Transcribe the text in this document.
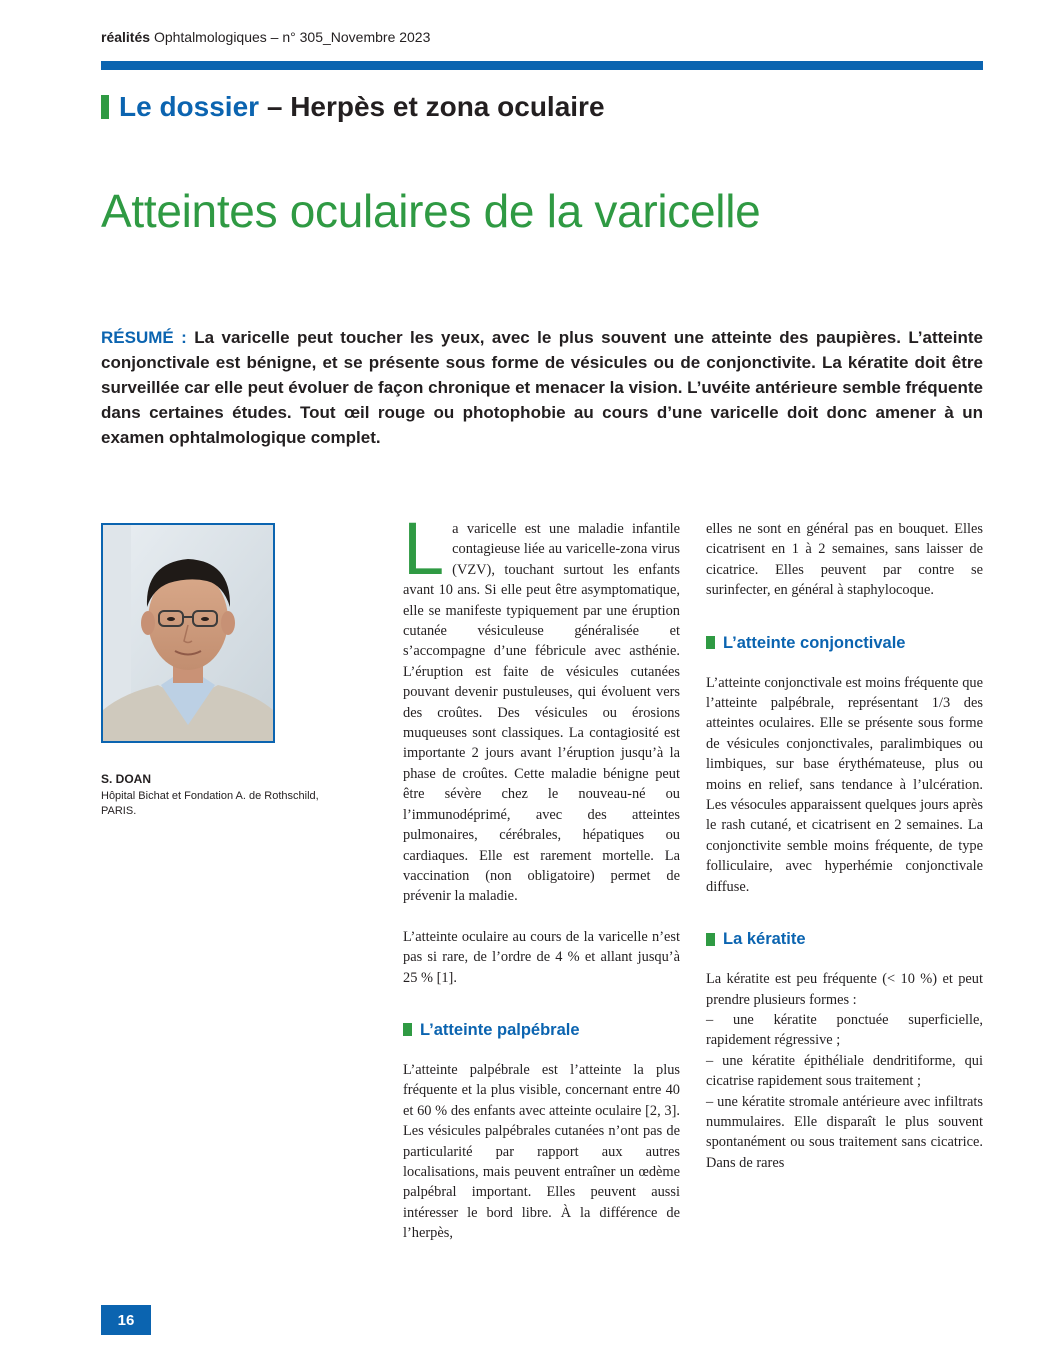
réalités Ophtalmologiques – n° 305_Novembre 2023
Le dossier
– Herpès et zona oculaire
Atteintes oculaires de la varicelle
RÉSUMÉ : La varicelle peut toucher les yeux, avec le plus souvent une atteinte des paupières. L’atteinte conjonctivale est bénigne, et se présente sous forme de vésicules ou de conjonctivite. La kératite doit être surveillée car elle peut évoluer de façon chronique et menacer la vision. L’uvéite antérieure semble fréquente dans certaines études. Tout œil rouge ou photophobie au cours d’une varicelle doit donc amener à un examen ophtalmologique complet.
S. DOAN
Hôpital Bichat et Fondation A. de Rothschild,
PARIS.

La varicelle est une maladie infantile contagieuse liée au varicelle-zona virus (VZV), touchant surtout les enfants avant 10 ans. Si elle peut être asymptomatique, elle se manifeste typiquement par une éruption cutanée vésiculeuse généralisée et s’accompagne d’une fébricule avec asthénie. L’éruption est faite de vésicules cutanées pouvant devenir pustuleuses, qui évoluent vers des croûtes. Des vésicules ou érosions muqueuses sont classiques. La contagiosité est importante 2 jours avant l’éruption jusqu’à la phase de croûtes. Cette maladie bénigne peut être sévère chez le nouveau-né ou l’immunodéprimé, avec des atteintes pulmonaires, cérébrales, hépatiques ou cardiaques. Elle est rarement mortelle. La vaccination (non obligatoire) permet de prévenir la maladie.

L’atteinte oculaire au cours de la varicelle n’est pas si rare, de l’ordre de 4 % et allant jusqu’à 25 % [1].

L’atteinte palpébrale

L’atteinte palpébrale est l’atteinte la plus fréquente et la plus visible, concernant entre 40 et 60 % des enfants avec atteinte oculaire [2, 3]. Les vésicules palpébrales cutanées n’ont pas de particularité par rapport aux autres localisations, mais peuvent entraîner un œdème palpébral important. Elles peuvent aussi intéresser le bord libre. À la différence de l’herpès,

elles ne sont en général pas en bouquet. Elles cicatrisent en 1 à 2 semaines, sans laisser de cicatrice. Elles peuvent par contre se surinfecter, en général à staphylocoque.

L’atteinte conjonctivale

L’atteinte conjonctivale est moins fréquente que l’atteinte palpébrale, représentant 1/3 des atteintes oculaires. Elle se présente sous forme de vésicules conjonctivales, paralimbiques ou limbiques, sur base érythémateuse, plus ou moins en relief, sans tendance à l’ulcération. Les vésocules apparaissent quelques jours après le rash cutané, et cicatrisent en 2 semaines. La conjonctivite semble moins fréquente, de type folliculaire, avec hyperhémie conjonctivale diffuse.

La kératite

La kératite est peu fréquente (< 10 %) et peut prendre plusieurs formes :
– une kératite ponctuée superficielle, rapidement régressive ;
– une kératite épithéliale dendritiforme, qui cicatrise rapidement sous traitement ;
– une kératite stromale antérieure avec infiltrats nummulaires. Elle disparaît le plus souvent spontanément ou sous traitement sans cicatrice. Dans de rares

16
